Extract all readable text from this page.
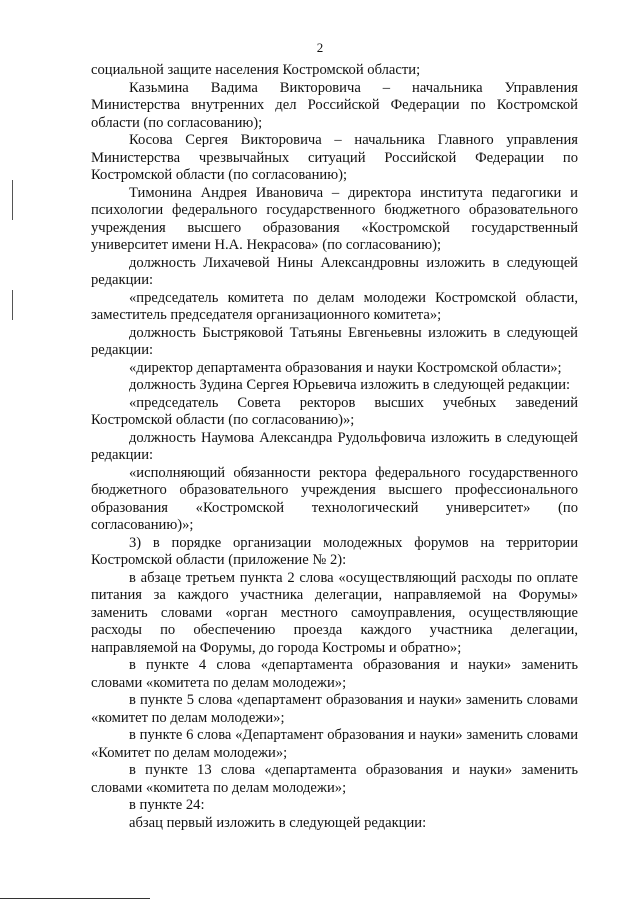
2

социальной защите населения Костромской области;

Казьмина Вадима Викторовича – начальника Управления Министерства внутренних дел Российской Федерации по Костромской области (по согласованию);

Косова Сергея Викторовича – начальника Главного управления Министерства чрезвычайных ситуаций Российской Федерации по Костромской области (по согласованию);

Тимонина Андрея Ивановича – директора института педагогики и психологии федерального государственного бюджетного образовательного учреждения высшего образования «Костромской государственный университет имени Н.А. Некрасова» (по согласованию);

должность Лихачевой Нины Александровны изложить в следующей редакции:

«председатель комитета по делам молодежи Костромской области, заместитель председателя организационного комитета»;

должность Быстряковой Татьяны Евгеньевны изложить в следующей редакции:

«директор департамента образования и науки Костромской области»;

должность Зудина Сергея Юрьевича изложить в следующей редакции:

«председатель Совета ректоров высших учебных заведений Костромской области (по согласованию)»;

должность Наумова Александра Рудольфовича изложить в следующей редакции:

«исполняющий обязанности ректора федерального государственного бюджетного образовательного учреждения высшего профессионального образования «Костромской технологический университет» (по согласованию)»;

3) в порядке организации молодежных форумов на территории Костромской области (приложение № 2):

в абзаце третьем пункта 2 слова «осуществляющий расходы по оплате питания за каждого участника делегации, направляемой на Форумы» заменить словами «орган местного самоуправления, осуществляющие расходы по обеспечению проезда каждого участника делегации, направляемой на Форумы, до города Костромы и обратно»;

в пункте 4 слова «департамента образования и науки» заменить словами «комитета по делам молодежи»;

в пункте 5 слова «департамент образования и науки» заменить словами «комитет по делам молодежи»;

в пункте 6 слова «Департамент образования и науки» заменить словами «Комитет по делам молодежи»;

в пункте 13 слова «департамента образования и науки» заменить словами «комитета по делам молодежи»;

в пункте 24:

абзац первый изложить в следующей редакции:
